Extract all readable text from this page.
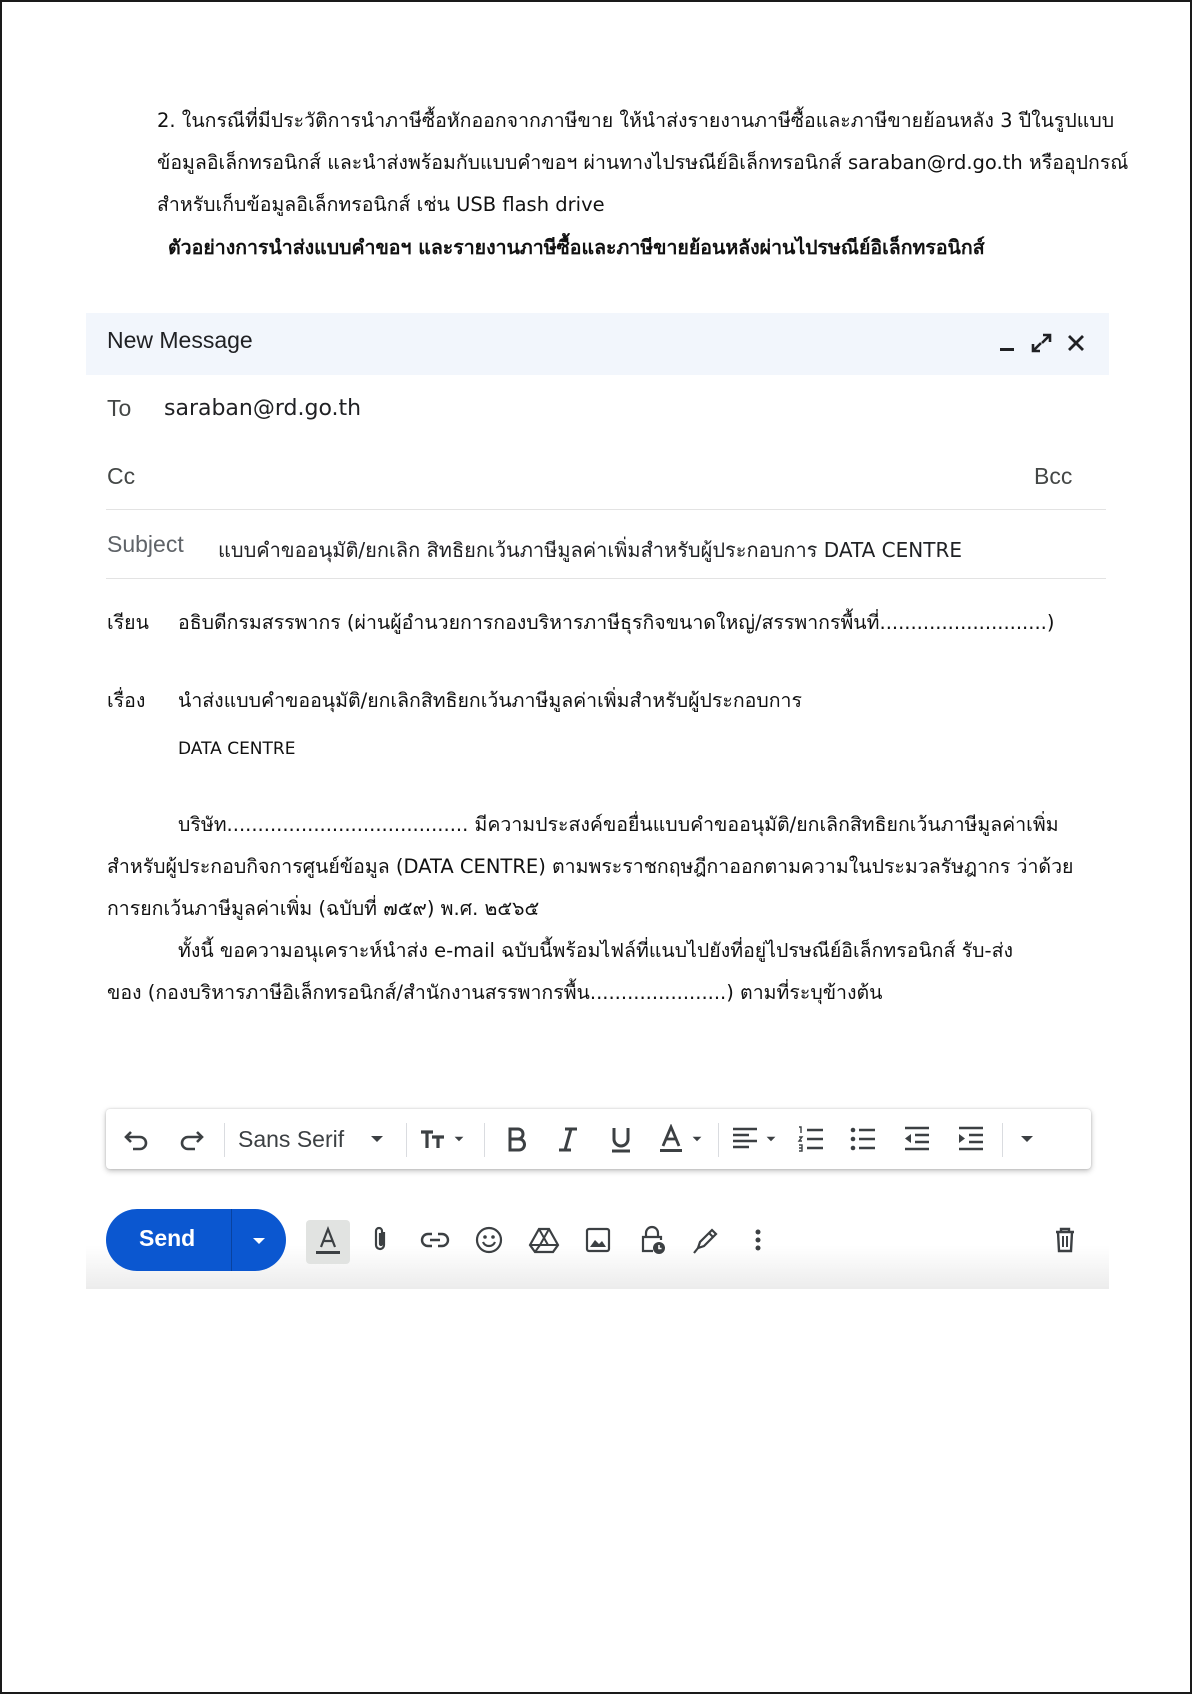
2. ในกรณีที่มีประวัติการนำภาษีซื้อหักออกจากภาษีขาย ให้นำส่งรายงานภาษีซื้อและภาษีขายย้อนหลัง 3 ปีในรูปแบบ

ข้อมูลอิเล็กทรอนิกส์ และนำส่งพร้อมกับแบบคำขอฯ ผ่านทางไปรษณีย์อิเล็กทรอนิกส์ saraban@rd.go.th หรืออุปกรณ์

สำหรับเก็บข้อมูลอิเล็กทรอนิกส์ เช่น USB flash drive

ตัวอย่างการนำส่งแบบคำขอฯ และรายงานภาษีซื้อและภาษีขายย้อนหลังผ่านไปรษณีย์อิเล็กทรอนิกส์
New Message
To saraban@rd.go.th
Cc	Bcc
Subject แบบคำขออนุมัติ/ยกเลิก สิทธิยกเว้นภาษีมูลค่าเพิ่มสำหรับผู้ประกอบการ DATA CENTRE
เรียน อธิบดีกรมสรรพากร (ผ่านผู้อำนวยการกองบริหารภาษีธุรกิจขนาดใหญ่/สรรพากรพื้นที่...........................)
เรื่อง นำส่งแบบคำขออนุมัติ/ยกเลิกสิทธิยกเว้นภาษีมูลค่าเพิ่มสำหรับผู้ประกอบการ
DATA CENTRE
บริษัท....................................... มีความประสงค์ขอยื่นแบบคำขออนุมัติ/ยกเลิกสิทธิยกเว้นภาษีมูลค่าเพิ่ม
สำหรับผู้ประกอบกิจการศูนย์ข้อมูล (DATA CENTRE) ตามพระราชกฤษฎีกาออกตามความในประมวลรัษฎากร ว่าด้วย
การยกเว้นภาษีมูลค่าเพิ่ม (ฉบับที่ ๗๕๙) พ.ศ. ๒๕๖๕
ทั้งนี้ ขอความอนุเคราะห์นำส่ง e-mail ฉบับนี้พร้อมไฟล์ที่แนบไปยังที่อยู่ไปรษณีย์อิเล็กทรอนิกส์ รับ-ส่ง
ของ (กองบริหารภาษีอิเล็กทรอนิกส์/สำนักงานสรรพากรพื้น......................) ตามที่ระบุข้างต้น
Sans Serif
Send
